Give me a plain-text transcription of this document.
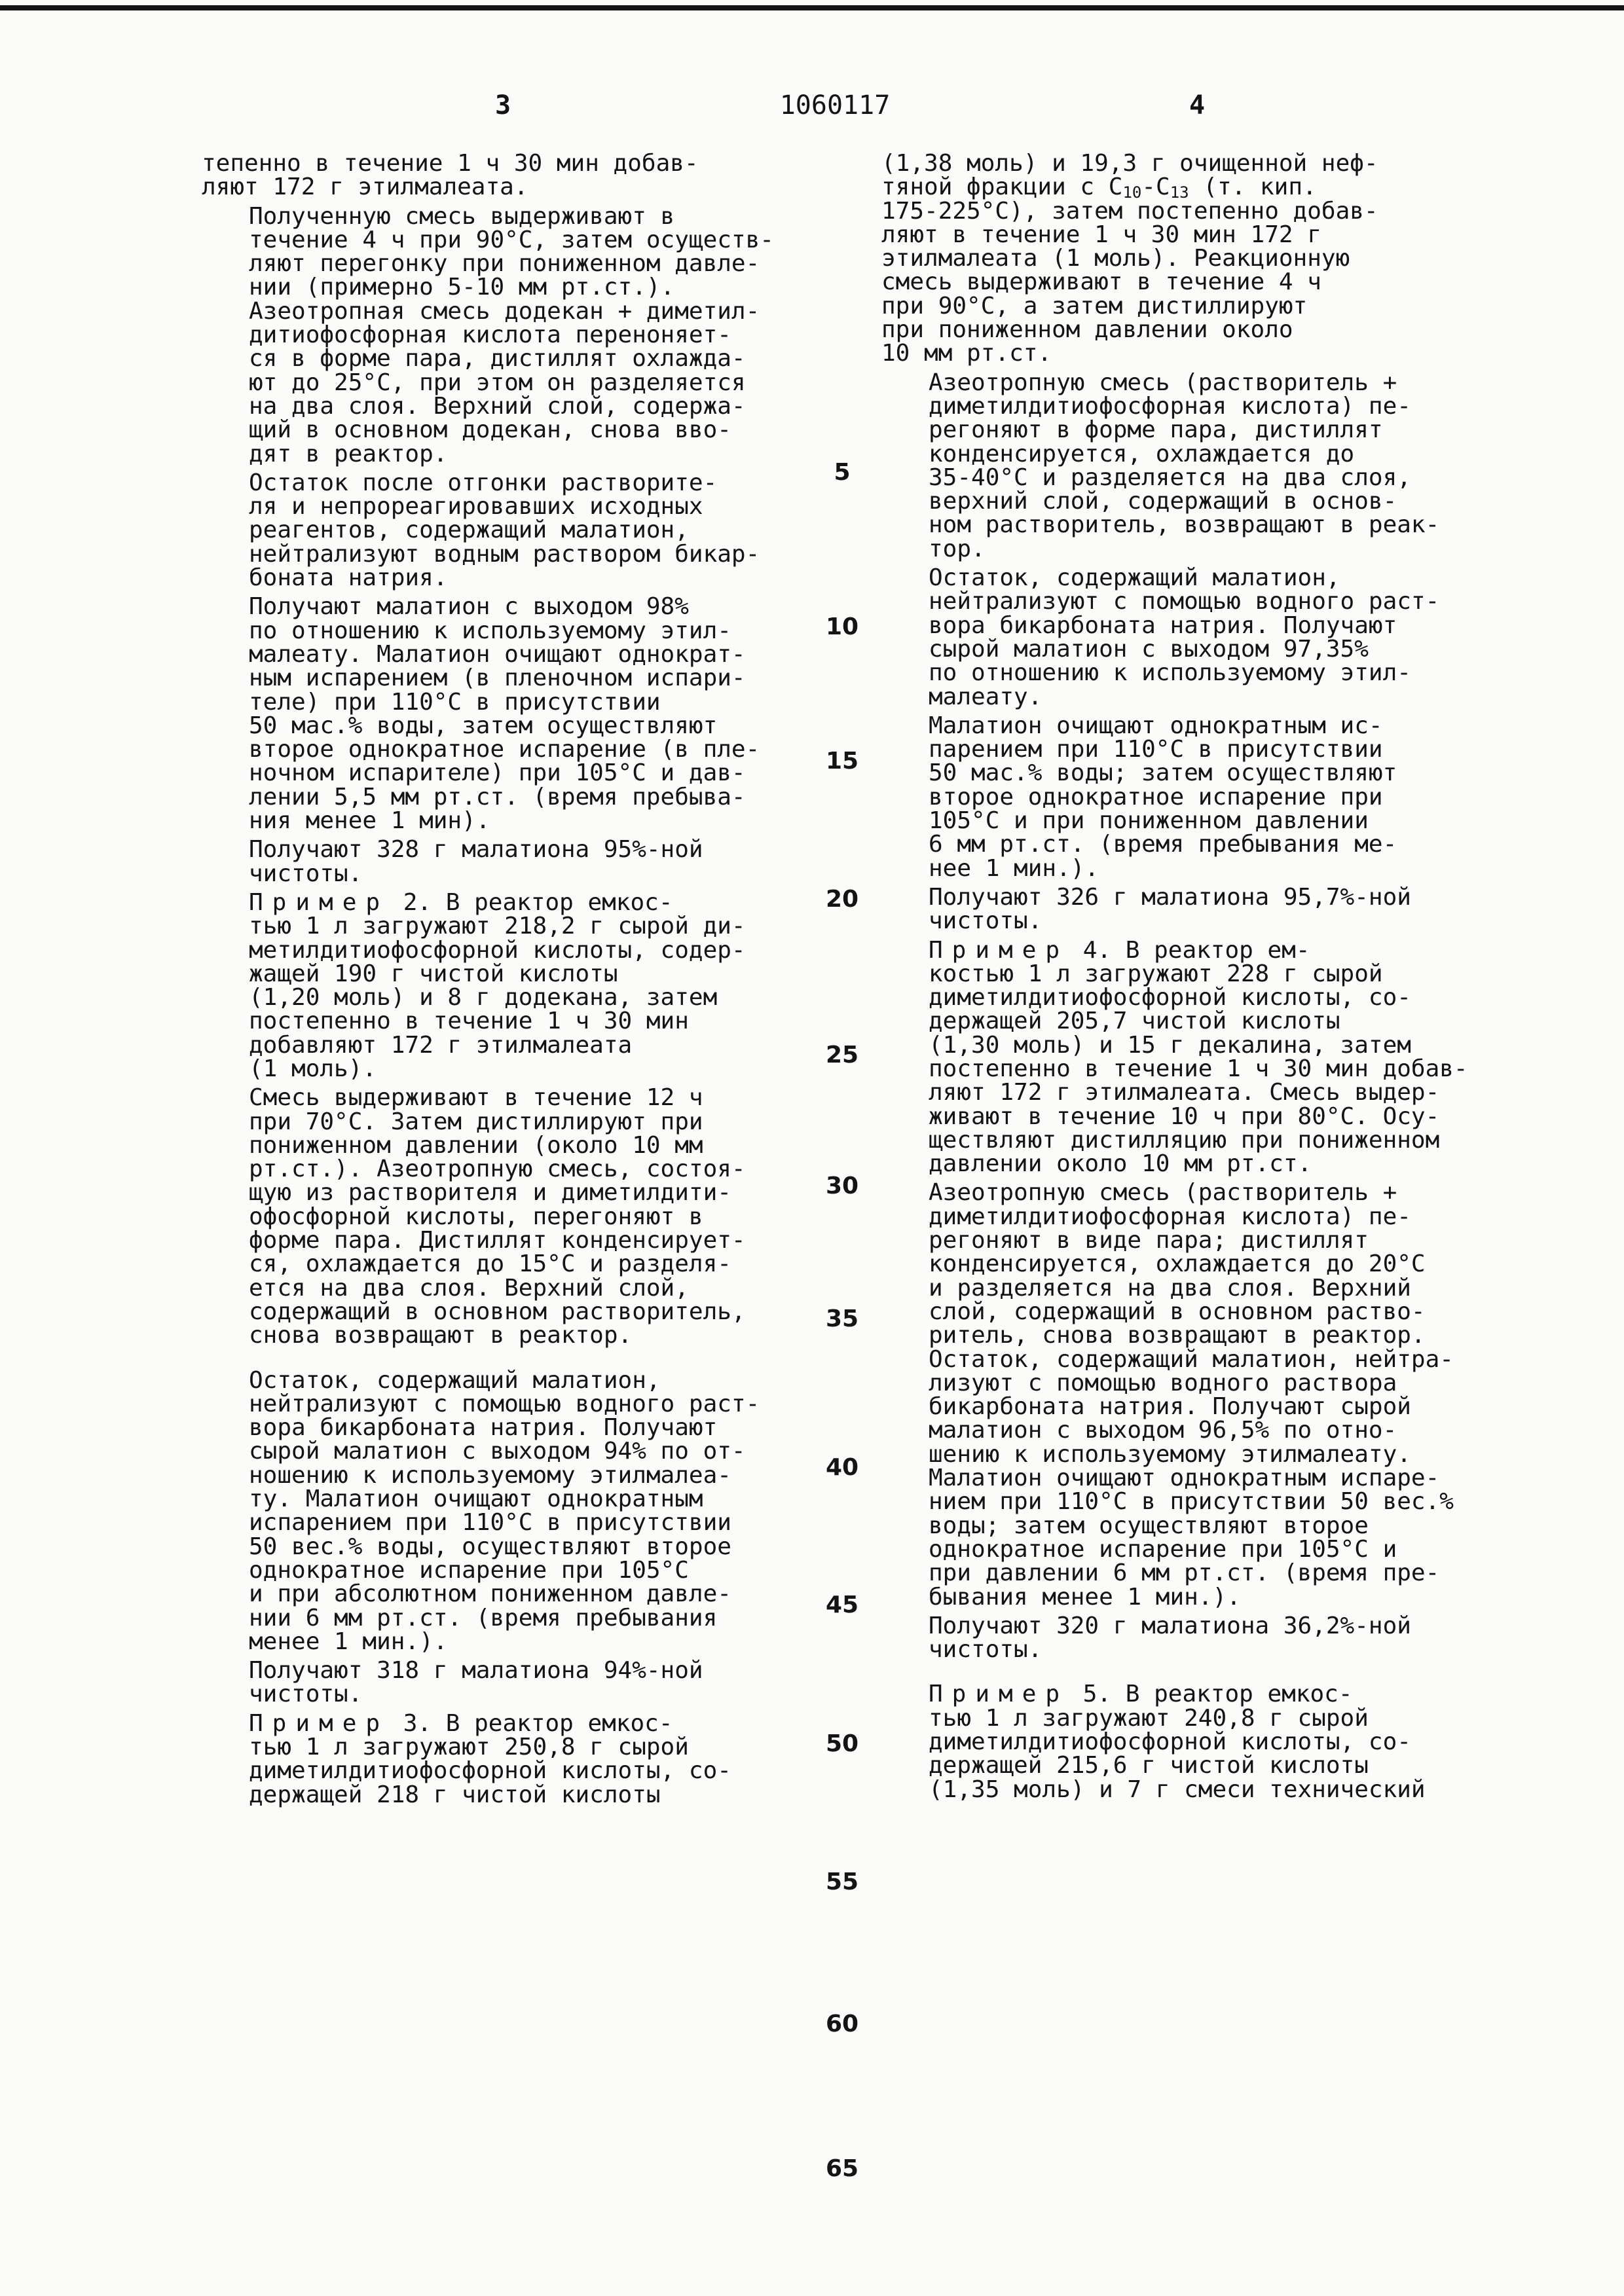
3	1060117	4
тепенно в течение 1 ч 30 мин добав-
ляют 172 г этилмалеата.
Полученную смесь выдерживают в
течение 4 ч при 90°С, затем осуществ-
ляют перегонку при пониженном давле-
нии (примерно 5-10 мм рт.ст.).
Азеотропная смесь додекан + диметил-
дитиофосфорная кислота переноняет-
ся в форме пара, дистиллят охлажда-
ют до 25°С, при этом он разделяется
на два слоя. Верхний слой, содержа-
щий в основном додекан, снова вво-
дят в реактор.
Остаток после отгонки растворите-
ля и непрореагировавших исходных
реагентов, содержащий малатион,
нейтрализуют водным раствором бикар-
боната натрия.
Получают малатион с выходом 98%
по отношению к используемому этил-
малеату. Малатион очищают однократ-
ным испарением (в пленочном испари-
теле) при 110°С в присутствии
50 мас.% воды, затем осуществляют
второе однократное испарение (в пле-
ночном испарителе) при 105°С и дав-
лении 5,5 мм рт.ст. (время пребыва-
ния менее 1 мин).
Получают 328 г малатиона 95%-ной
чистоты.
Пример 2. В реактор емкос-
тью 1 л загружают 218,2 г сырой ди-
метилдитиофосфорной кислоты, содер-
жащей 190 г чистой кислоты
(1,20 моль) и 8 г додекана, затем
постепенно в течение 1 ч 30 мин
добавляют 172 г этилмалеата
(1 моль).
Смесь выдерживают в течение 12 ч
при 70°С. Затем дистиллируют при
пониженном давлении (около 10 мм
рт.ст.). Азеотропную смесь, состоя-
щую из растворителя и диметилдити-
офосфорной кислоты, перегоняют в
форме пара. Дистиллят конденсирует-
ся, охлаждается до 15°С и разделя-
ется на два слоя. Верхний слой,
содержащий в основном растворитель,
снова возвращают в реактор.
Остаток, содержащий малатион,
нейтрализуют с помощью водного раст-
вора бикарбоната натрия. Получают
сырой малатион с выходом 94% по от-
ношению к используемому этилмалеа-
ту. Малатион очищают однократным
испарением при 110°С в присутствии
50 вес.% воды, осуществляют второе
однократное испарение при 105°С
и при абсолютном пониженном давле-
нии 6 мм рт.ст. (время пребывания
менее 1 мин.).
Получают 318 г малатиона 94%-ной
чистоты.
Пример 3. В реактор емкос-
тью 1 л загружают 250,8 г сырой
диметилдитиофосфорной кислоты, со-
держащей 218 г чистой кислоты
5
10
15
20
25
30
35
40
45
50
55
60
65
(1,38 моль) и 19,3 г очищенной неф-
тяной фракции с $C_{10}-C_{13}$ (т. кип.
175-225°С), затем постепенно добав-
ляют в течение 1 ч 30 мин 172 г
этилмалеата (1 моль). Реакционную
смесь выдерживают в течение 4 ч
при 90°С, а затем дистиллируют
при пониженном давлении около
10 мм рт.ст.
Азеотропную смесь (растворитель +
диметилдитиофосфорная кислота) пе-
регоняют в форме пара, дистиллят
конденсируется, охлаждается до
35-40°С и разделяется на два слоя,
верхний слой, содержащий в основ-
ном растворитель, возвращают в реак-
тор.
Остаток, содержащий малатион,
нейтрализуют с помощью водного раст-
вора бикарбоната натрия. Получают
сырой малатион с выходом 97,35%
по отношению к используемому этил-
малеату.
Малатион очищают однократным ис-
парением при 110°С в присутствии
50 мас.% воды; затем осуществляют
второе однократное испарение при
105°С и при пониженном давлении
6 мм рт.ст. (время пребывания ме-
нее 1 мин.).
Получают 326 г малатиона 95,7%-ной
чистоты.
Пример 4. В реактор ем-
костью 1 л загружают 228 г сырой
диметилдитиофосфорной кислоты, со-
держащей 205,7 чистой кислоты
(1,30 моль) и 15 г декалина, затем
постепенно в течение 1 ч 30 мин добав-
ляют 172 г этилмалеата. Смесь выдер-
живают в течение 10 ч при 80°С. Осу-
ществляют дистилляцию при пониженном
давлении около 10 мм рт.ст.
Азеотропную смесь (растворитель +
диметилдитиофосфорная кислота) пе-
регоняют в виде пара; дистиллят
конденсируется, охлаждается до 20°С
и разделяется на два слоя. Верхний
слой, содержащий в основном раство-
ритель, снова возвращают в реактор.
Остаток, содержащий малатион, нейтра-
лизуют с помощью водного раствора
бикарбоната натрия. Получают сырой
малатион с выходом 96,5% по отно-
шению к используемому этилмалеату.
Малатион очищают однократным испаре-
нием при 110°С в присутствии 50 вес.%
воды; затем осуществляют второе
однократное испарение при 105°С и
при давлении 6 мм рт.ст. (время пре-
бывания менее 1 мин.).
Получают 320 г малатиона 36,2%-ной
чистоты.
Пример 5. В реактор емкос-
тью 1 л загружают 240,8 г сырой
диметилдитиофосфорной кислоты, со-
держащей 215,6 г чистой кислоты
(1,35 моль) и 7 г смеси технический
